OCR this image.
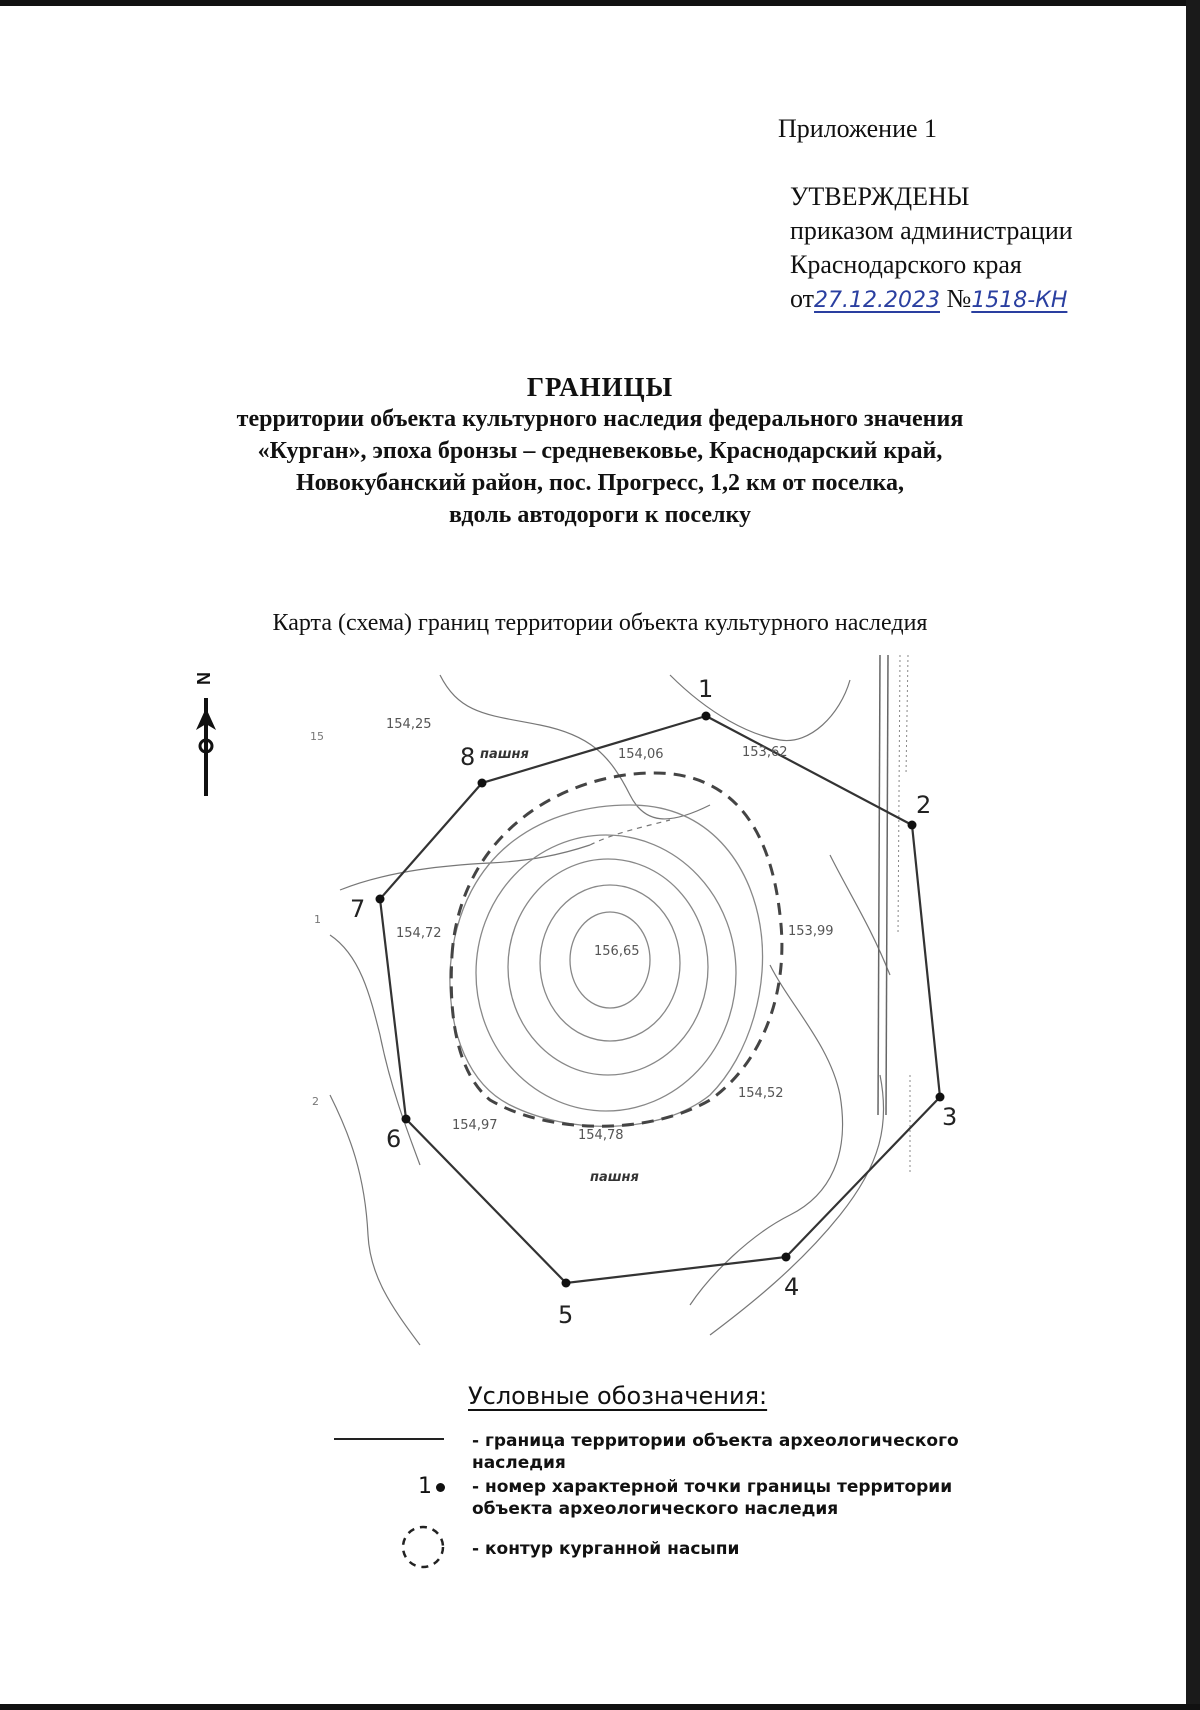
Приложение 1
УТВЕРЖДЕНЫ
приказом администрации
Краснодарского края
от27.12.2023 №1518-КН
ГРАНИЦЫ
территории объекта культурного наследия федерального значения
«Курган», эпоха бронзы – средневековье, Краснодарский край,
Новокубанский район, пос. Прогресс, 1,2 км от поселка,
вдоль автодороги к поселку
Карта (схема) границ территории объекта культурного наследия
N	1
2
3
4
5
6
7
8
154,25
154,06	153,62
154,72
156,65
153,99
154,52
154,97
154,78
пашня
пашня
15
2
1
Условные обозначения:
- граница территории объекта археологического наследия
1	- номер характерной точки границы территории объекта археологического наследия
- контур курганной насыпи
